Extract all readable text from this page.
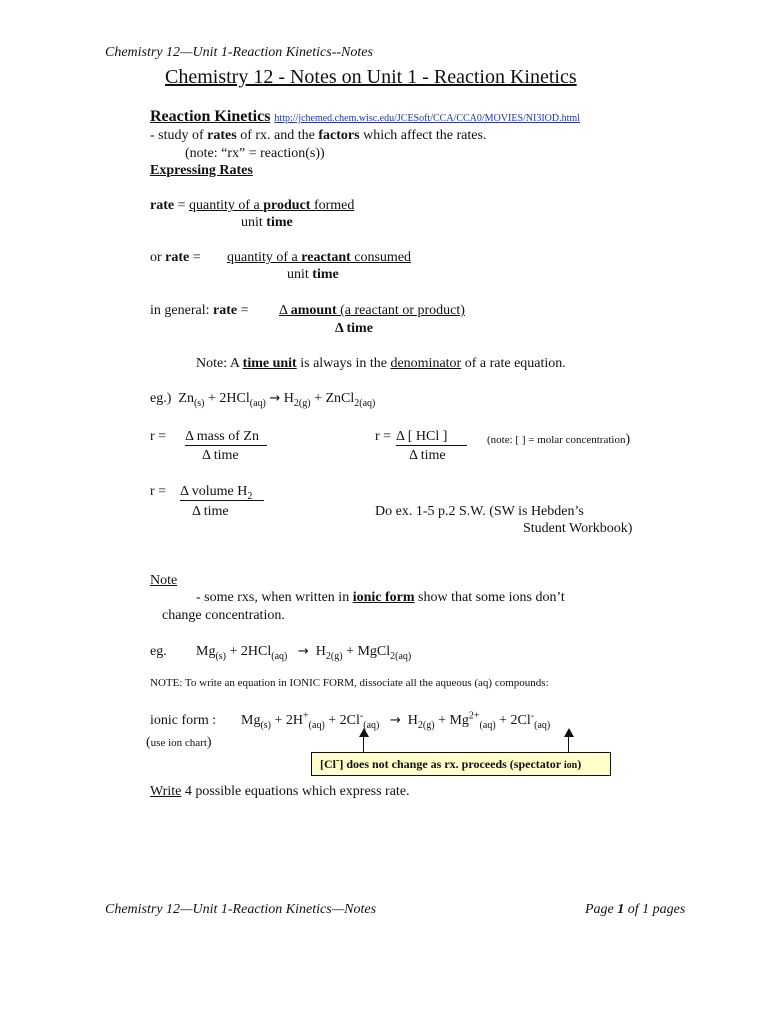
Chemistry 12—Unit 1-Reaction Kinetics--Notes
Chemistry 12 - Notes on Unit 1 - Reaction Kinetics
Reaction Kinetics http://jchemed.chem.wisc.edu/JCESoft/CCA/CCA0/MOVIES/NI3IOD.html
- study of rates of rx. and the factors which affect the rates.
(note: “rx” = reaction(s))
Expressing Rates
rate = quantity of a product formed
unit time
or rate = quantity of a reactant consumed
unit time
in general: rate = Δ amount (a reactant or product)
Δ time
Note: A time unit is always in the denominator of a rate equation.
eg.) $Zn_{(s)} + 2HCl_{(aq)} \to H_{2(g)}$ + ZnCl$_{2(aq)}$
r = Δ mass of Zn
Δ time
r = Δ [ HCl ]
Δ time
(note: [ ] = molar concentration)
r = Δ volume $H_2$
Δ time	Do ex. 1-5 p.2 S.W. (SW is Hebden’s
Student Workbook)
Note
- some rxs, when written in ionic form show that some ions don’t
change concentration.
eg. $Mg_{(s)} + 2HCl_{(aq)} \to H_{2(g)}$ + MgCl$_{2(aq)}$
NOTE: To write an equation in IONIC FORM, dissociate all the aqueous (aq) compounds:
ionic form : $Mg_{(s)} + 2H^+_{(aq)} + 2Cl^-_{(aq)} \to H_{2(g)} + Mg^{2+}_{(aq)} + 2Cl^-_{(aq)}$
(use ion chart)
[Cl-] does not change as rx. proceeds (spectator ion)
Write 4 possible equations which express rate.
Chemistry 12—Unit 1-Reaction Kinetics—Notes	Page 1 of 1 pages
